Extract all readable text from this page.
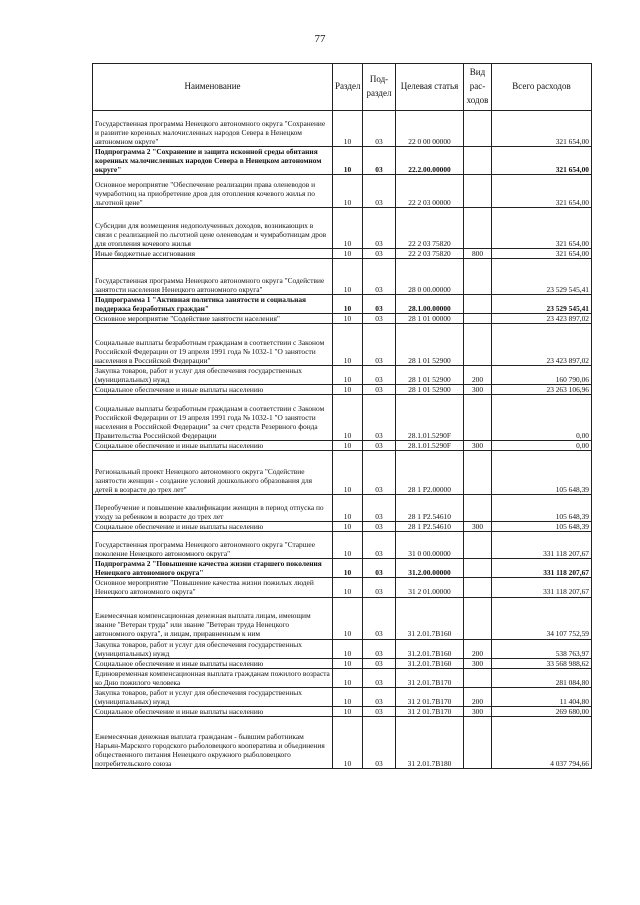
77
Наименование	Раздел	Под-раздел	Целевая статья	Вид рас-ходов	Всего расходов
Государственная программа Ненецкого автономного округа "Сохранение и развитие коренных малочисленных народов Севера в Ненецком автономном округе"	10	03	22 0 00 00000		321 654,00
Подпрограмма 2 "Сохранение и защита исконной среды обитания коренных малочисленных народов Севера в Ненецком автономном округе"	10	03	22.2.00.00000		321 654,00
Основное мероприятие "Обеспечение реализации права оленеводов и чумработниц на приобретение дров для отопления кочевого жилья по льготной цене"	10	03	22 2 03 00000		321 654,00
Субсидии для возмещения недополученных доходов, возникающих в связи с реализацией по льготной цене оленеводам и чумработницам дров для отопления кочевого жилья	10	03	22 2 03 75820		321 654,00
Иные бюджетные ассигнования	10	03	22 2 03 75820	800	321 654,00
Государственная программа Ненецкого автономного округа "Содействие занятости населения Ненецкого автономного округа"	10	03	28 0 00.00000		23 529 545,41
Подпрограмма 1 "Активная политика занятости и социальная поддержка безработных граждан"	10	03	28.1.00.00000		23 529 545,41
Основное мероприятие "Содействие занятости населения"	10	03	28 1 01 00000		23 423 897,02
Социальные выплаты безработным гражданам в соответствии с Законом Российской Федерации от 19 апреля 1991 года № 1032-1 "О занятости населения в Российской Федерации"	10	03	28 1 01 52900		23 423 897,02
Закупка товаров, работ и услуг для обеспечения государственных (муниципальных) нужд	10	03	28 1 01 52900	200	160 790,06
Социальное обеспечение и иные выплаты населению	10	03	28 1 01 52900	300	23 263 106,96
Социальные выплаты безработным гражданам в соответствии с Законом Российской Федерации от 19 апреля 1991 года № 1032-1 "О занятости населения в Российской Федерации" за счет средств Резервного фонда Правительства Российской Федерации	10	03	28.1.01.5290F		0,00
Социальное обеспечение и иные выплаты населению	10	03	28.1.01.5290F	300	0,00
Региональный проект Ненецкого автономного округа "Содействие занятости женщин - создание условий дошкольного образования для детей в возрасте до трех лет"	10	03	28 1 P2.00000		105 648,39
Переобучение и повышение квалификации женщин в период отпуска по уходу за ребенком в возрасте до трех лет	10	03	28 1 P2.54610		105 648,39
Социальное обеспечение и иные выплаты населению	10	03	28 1 P2.54610	300	105 648,39
Государственная программа Ненецкого автономного округа "Старшее поколение Ненецкого автономного округа"	10	03	31 0 00.00000		331 118 207,67
Подпрограмма 2 "Повышение качества жизни старшего поколения Ненецкого автономного округа"	10	03	31.2.00.00000		331 118 207,67
Основное мероприятие "Повышение качества жизни пожилых людей Ненецкого автономного округа"	10	03	31 2 01.00000		331 118 207,67
Ежемесячная компенсационная денежная выплата лицам, имеющим звание "Ветеран труда" или звание "Ветеран труда Ненецкого автономного округа", и лицам, приравненным к ним	10	03	31 2.01.7B160		34 107 752,59
Закупка товаров, работ и услуг для обеспечения государственных (муниципальных) нужд	10	03	31.2.01.7B160	200	538 763,97
Социальное обеспечение и иные выплаты населению	10	03	31.2.01.7B160	300	33 568 988,62
Единовременная компенсационная выплата гражданам пожилого возраста ко Дню пожилого человека	10	03	31 2.01.7B170		281 084,80
Закупка товаров, работ и услуг для обеспечения государственных (муниципальных) нужд	10	03	31 2 01.7B170	200	11 404,80
Социальное обеспечение и иные выплаты населению	10	03	31 2 01.7B170	300	269 680,00
Ежемесячная денежная выплата гражданам - бывшим работникам Нарьян-Марского городского рыболовецкого кооператива и объединения общественного питания Ненецкого окружного рыболовецкого потребительского союза	10	03	31 2.01.7B180		4 037 794,66
